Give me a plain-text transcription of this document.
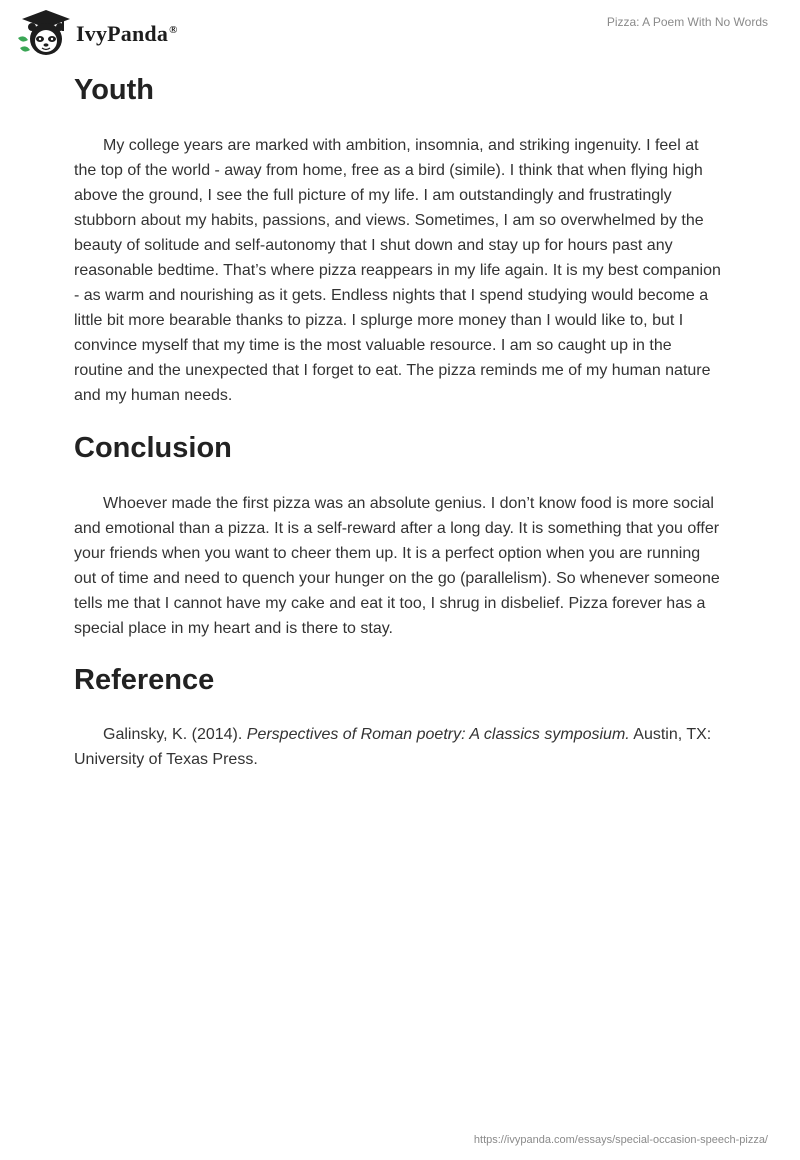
IvyPanda®
Pizza: A Poem With No Words
Youth

My college years are marked with ambition, insomnia, and striking ingenuity. I feel at the top of the world - away from home, free as a bird (simile). I think that when flying high above the ground, I see the full picture of my life. I am outstandingly and frustratingly stubborn about my habits, passions, and views. Sometimes, I am so overwhelmed by the beauty of solitude and self-autonomy that I shut down and stay up for hours past any reasonable bedtime. That’s where pizza reappears in my life again. It is my best companion - as warm and nourishing as it gets. Endless nights that I spend studying would become a little bit more bearable thanks to pizza. I splurge more money than I would like to, but I convince myself that my time is the most valuable resource. I am so caught up in the routine and the unexpected that I forget to eat. The pizza reminds me of my human nature and my human needs.

Conclusion

Whoever made the first pizza was an absolute genius. I don’t know food is more social and emotional than a pizza. It is a self-reward after a long day. It is something that you offer your friends when you want to cheer them up. It is a perfect option when you are running out of time and need to quench your hunger on the go (parallelism). So whenever someone tells me that I cannot have my cake and eat it too, I shrug in disbelief. Pizza forever has a special place in my heart and is there to stay.

Reference

Galinsky, K. (2014). Perspectives of Roman poetry: A classics symposium. Austin, TX: University of Texas Press.

https://ivypanda.com/essays/special-occasion-speech-pizza/
